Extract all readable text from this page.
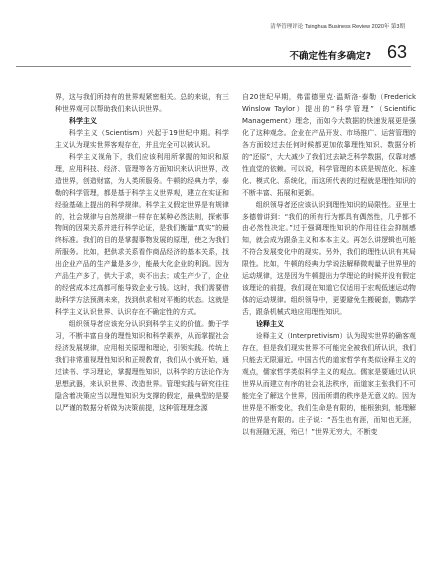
清华管理评论 Tsinghua Business Review 2020年 第3期
不确定性有多确定? 63

界，这与我们所持有的世界观紧密相关。总的来说，有三种世界观可以帮助我们来认识世界。

科学主义

科学主义（Scientism）兴起于19世纪中期。科学主义认为现实世界客观存在，并且完全可以被认识。

科学主义视角下，我们应该利用所掌握的知识和原理，应用科技、经济、管理等各方面知识来认识世界，改造世界，创造财富，为人类所服务。牛顿的经典力学，泰勒的科学管理，都是基于科学主义世界观，建立在实证和经验基础上提出的科学规律。科学主义假定世界是有规律的，社会规律与自然规律一样存在某种必然法则，探索事物间的因果关系并进行科学论证，是我们衡量“真实”的最终标准。我们的目的是掌握事物发展的原理，使之为我们所服务。比如，把供求关系看作商品经济的基本关系，找出企业产品的生产量是多少，能最大化企业的利润。因为产品生产多了，供大于求，卖不出去；或生产少了，企业的经营成本过高都可能导致企业亏钱。这时，我们需要借助科学方法预测未来，找到供求相对平衡的状态。这就是科学主义认识世界、认识存在不确定性的方式。

组织领导者应该充分认识到科学主义的价值。勤于学习，不断丰富自身的理性知识和科学素养，从而掌握社会经济发展规律，应用相关原理和理论，引领实践。传统上我们非常重视理性知识和正规教育，我们从小就开始，通过读书、学习理论，掌握理性知识，以科学的方法论作为思想武器，来认识世界、改造世界。管理实践与研究往往隐含着决策应当以理性知识为支撑的假定，最典型的是要以严谨的数据分析做为决策前提，这种管理理念源

自20世纪早期，弗雷德里克·温斯洛·泰勒（Frederick Winslow Taylor）提出的“科学管理”（Scientific Management）理念，而如今大数据的快速发展更是强化了这种观念。企业在产品开发、市场推广、运营管理的各方面较过去任何时候都更加依靠理性知识、数据分析的“还原”，大大减少了我们过去缺乏科学数据，仅靠对感性直觉的依赖。可以说，科学管理的本质是规范化、标准化、模式化、系统化，而这所代表的过程就是理性知识的不断丰富、拓展和更新。

组织领导者还应该认识到理性知识的局限性。亚里士多德曾讲到：“我们的所有行为都具有偶然性，几乎都不由必然性决定。”过于强调理性知识的作用往往会抑制感知，就会成为跟条主义和本本主义。再怎么讲逻辑也可能不符合发展变化中的现实。另外，我们的理性认识有其局限性。比如，牛顿的经典力学说法解释微观量子世界里的运动规律，这是因为牛顿提出力学理论的时候并没有假定该理论的前提，我们现在知道它仅适用于宏观低速运动物体的运动规律。组织领导中，更要避免生搬硬套，鹦鹉学舌，跟条机械式地应用理性知识。

诠释主义

诠释主义（Interpretivism）认为现实世界的确客观存在，但是我们现实世界不可能完全被我们所认识，我们只能去无限逼近。中国古代的道家哲学有类似诠释主义的观点，儒家哲学类似科学主义的观点。儒家是要通过认识世界从而建立有序的社会礼法秩序，而道家主张我们不可能完全了解这个世界，因而所谓的秩序是无意义的。因为世界是不断变化，我们生命是有限的，能根独到，能理解的世界是有限的。庄子说：“吾生也有涯，而知也无涯，以有涯随无涯，殆已！”世界无穷大，不断变
